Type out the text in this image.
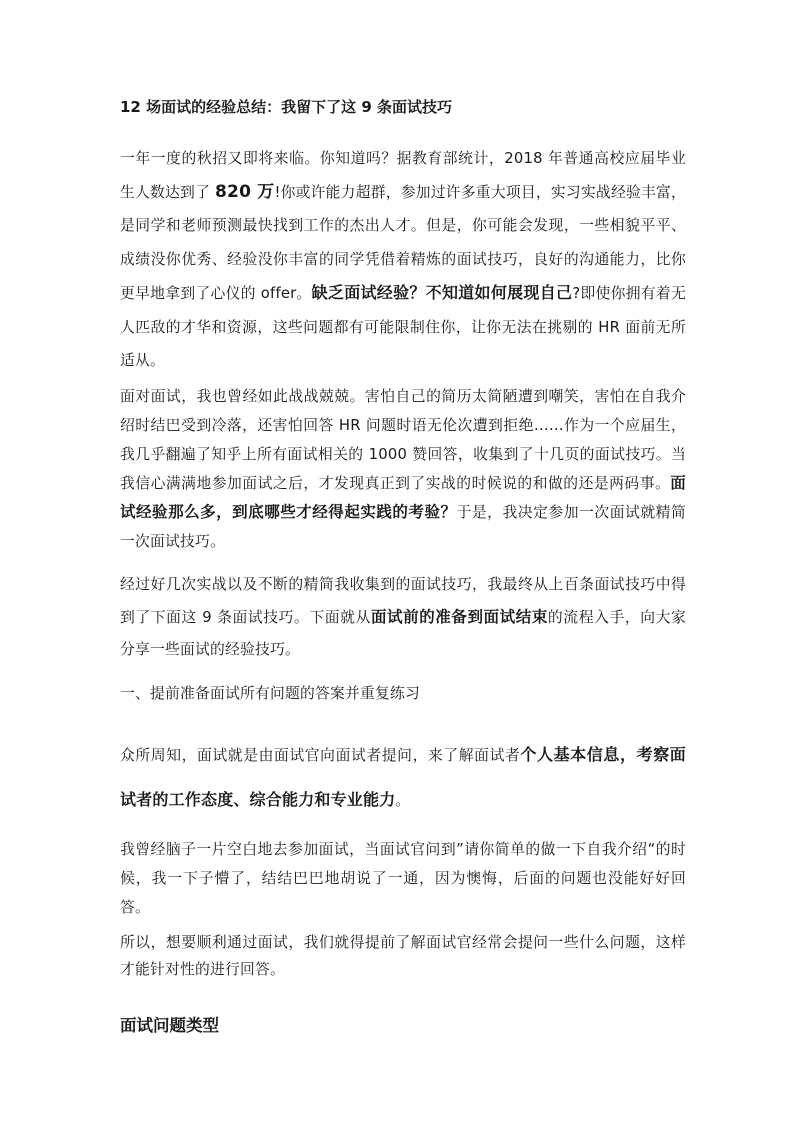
12 场面试的经验总结：我留下了这 9 条面试技巧
一年一度的秋招又即将来临。你知道吗？据教育部统计，2018 年普通高校应届毕业生人数达到了 820 万!你或许能力超群，参加过许多重大项目，实习实战经验丰富，是同学和老师预测最快找到工作的杰出人才。但是，你可能会发现，一些相貌平平、成绩没你优秀、经验没你丰富的同学凭借着精炼的面试技巧，良好的沟通能力，比你更早地拿到了心仪的 offer。缺乏面试经验？不知道如何展现自己?即使你拥有着无人匹敌的才华和资源，这些问题都有可能限制住你，让你无法在挑剔的 HR 面前无所适从。
面对面试，我也曾经如此战战兢兢。害怕自己的简历太简陋遭到嘲笑，害怕在自我介绍时结巴受到冷落，还害怕回答 HR 问题时语无伦次遭到拒绝……作为一个应届生，我几乎翻遍了知乎上所有面试相关的 1000 赞回答，收集到了十几页的面试技巧。当我信心满满地参加面试之后，才发现真正到了实战的时候说的和做的还是两码事。面试经验那么多，到底哪些才经得起实践的考验？于是，我决定参加一次面试就精简一次面试技巧。
经过好几次实战以及不断的精简我收集到的面试技巧，我最终从上百条面试技巧中得到了下面这 9 条面试技巧。下面就从面试前的准备到面试结束的流程入手，向大家分享一些面试的经验技巧。
一、提前准备面试所有问题的答案并重复练习
众所周知，面试就是由面试官向面试者提问，来了解面试者个人基本信息，考察面试者的工作态度、综合能力和专业能力。
我曾经脑子一片空白地去参加面试，当面试官问到”请你简单的做一下自我介绍“的时候，我一下子懵了，结结巴巴地胡说了一通，因为懊悔，后面的问题也没能好好回答。
所以，想要顺利通过面试，我们就得提前了解面试官经常会提问一些什么问题，这样才能针对性的进行回答。
面试问题类型
